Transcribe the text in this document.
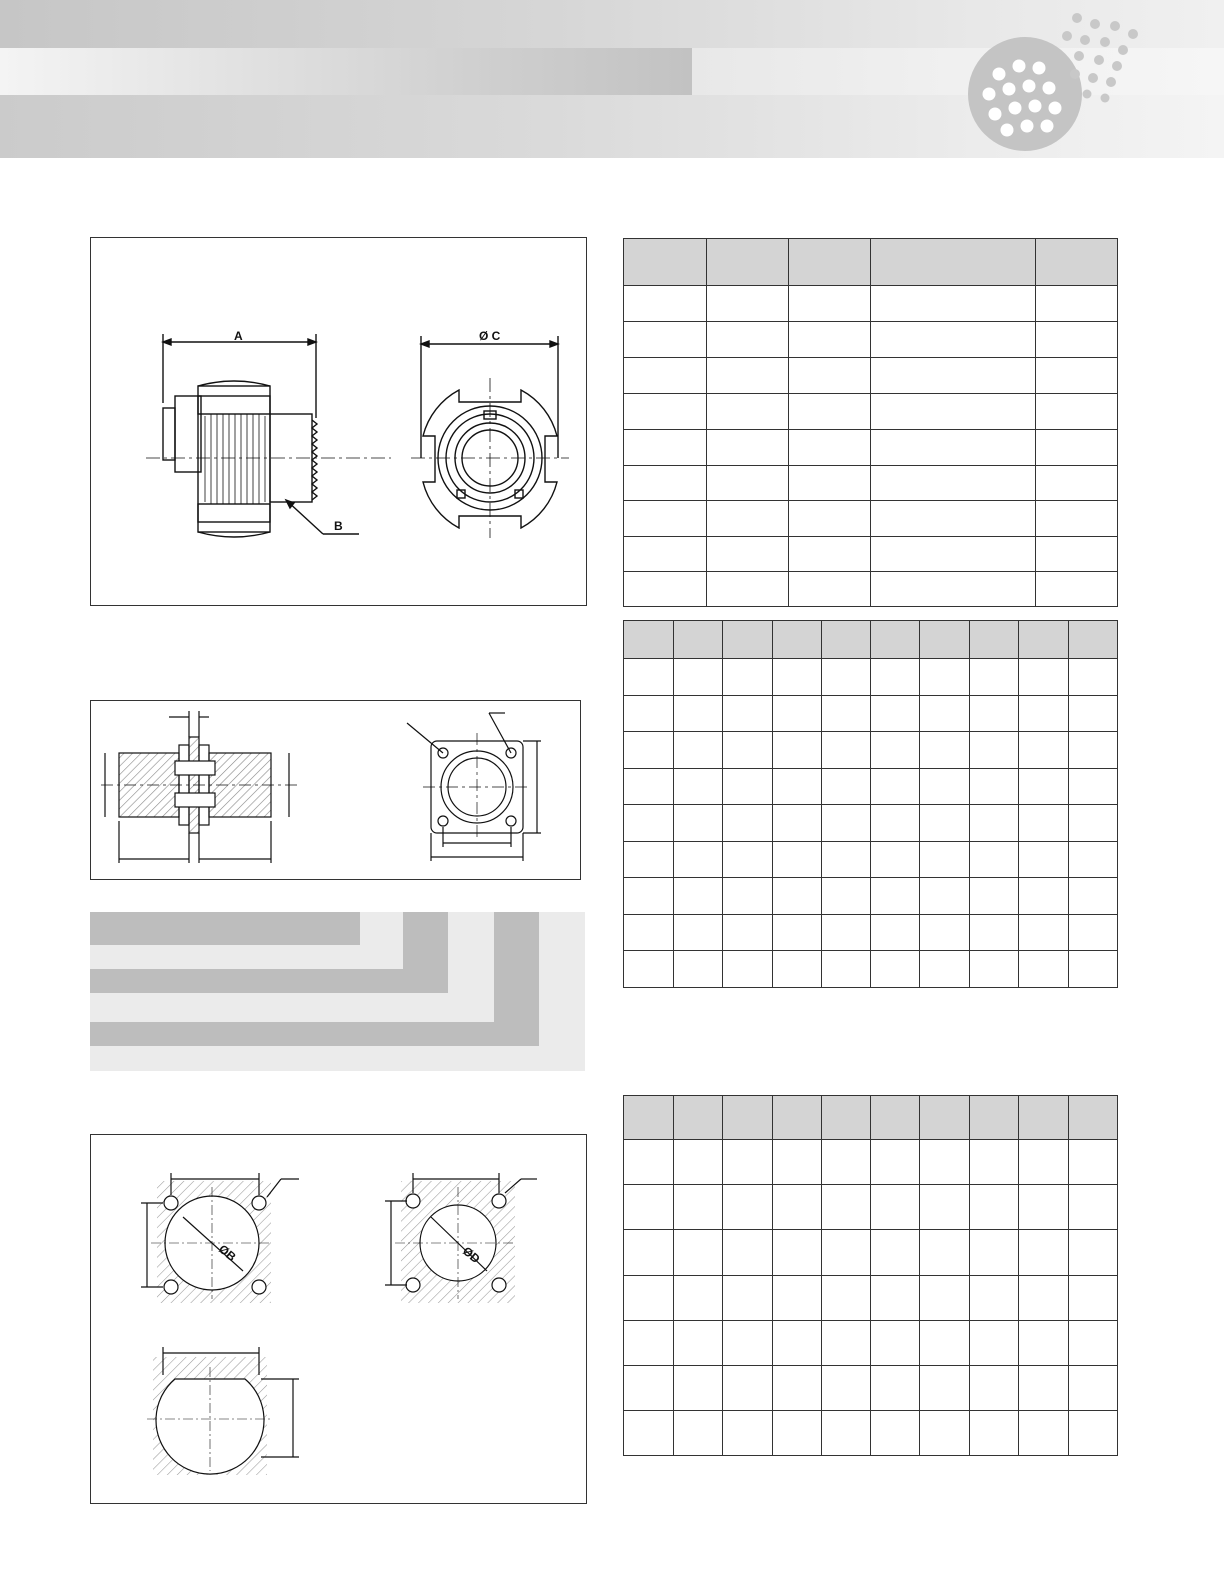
A
B
Ø C
ØB	ØD
